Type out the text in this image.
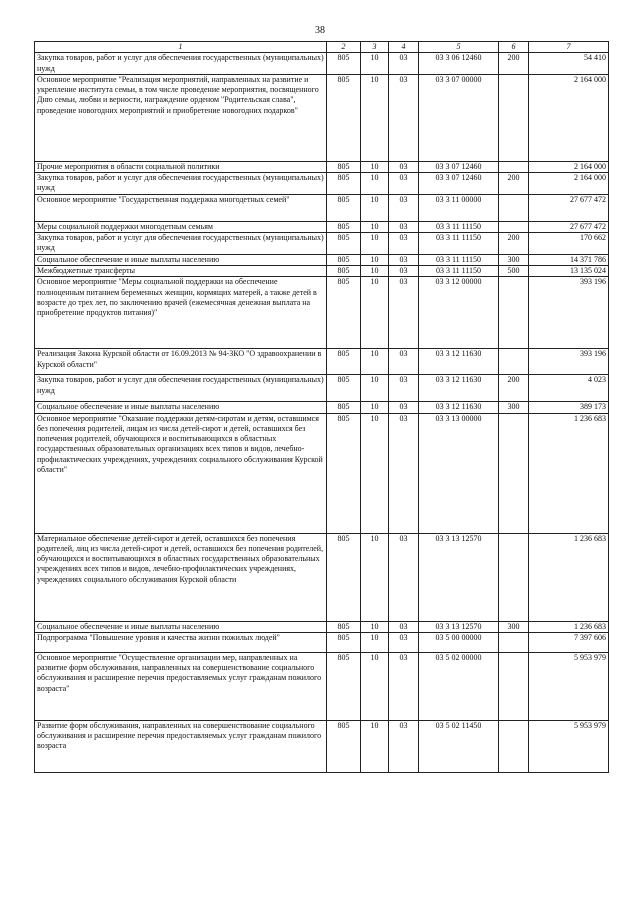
38
1	2	3	4	5	6	7
Закупка товаров, работ и услуг для обеспечения государственных (муниципальных) нужд	805	10	03	03 3 06 12460	200	54 410
Основное мероприятие "Реализация мероприятий, направленных на развитие и укрепление института семьи, в том числе проведение мероприятия, посвященного Дню семьи, любви и верности, награждение орденом "Родительская слава", проведение новогодних мероприятий и приобретение новогодних подарков"	805	10	03	03 3 07 00000		2 164 000
Прочие мероприятия в области социальной политики	805	10	03	03 3 07 12460		2 164 000
Закупка товаров, работ и услуг для обеспечения государственных (муниципальных) нужд	805	10	03	03 3 07 12460	200	2 164 000
Основное мероприятие "Государственная поддержка многодетных семей"	805	10	03	03 3 11 00000		27 677 472
Меры социальной поддержки многодетным семьям	805	10	03	03 3 11 11150		27 677 472
Закупка товаров, работ и услуг для обеспечения государственных (муниципальных) нужд	805	10	03	03 3 11 11150	200	170 662
Социальное обеспечение и иные выплаты населению	805	10	03	03 3 11 11150	300	14 371 786
Межбюджетные трансферты	805	10	03	03 3 11 11150	500	13 135 024
Основное мероприятие "Меры социальной поддержки на обеспечение полноценным питанием беременных женщин, кормящих матерей, а также детей в возрасте до трех лет, по заключению врачей (ежемесячная денежная выплата на приобретение продуктов питания)"	805	10	03	03 3 12 00000		393 196
Реализация Закона Курской области от 16.09.2013 № 94-ЗКО "О здравоохранении в Курской области"	805	10	03	03 3 12 11630		393 196
Закупка товаров, работ и услуг для обеспечения государственных (муниципальных) нужд	805	10	03	03 3 12 11630	200	4 023
Социальное обеспечение и иные выплаты населению	805	10	03	03 3 12 11630	300	389 173
Основное мероприятие "Оказание поддержки детям-сиротам и детям, оставшимся без попечения родителей, лицам из числа детей-сирот и детей, оставшихся без попечения родителей, обучающихся и воспитывающихся в областных государственных образовательных организациях всех типов и видов, лечебно-профилактических учреждениях, учреждениях социального обслуживания Курской области"	805	10	03	03 3 13 00000		1 236 683
Материальное обеспечение детей-сирот и детей, оставшихся без попечения родителей, лиц из числа детей-сирот и детей, оставшихся без попечения родителей, обучающихся и воспитывающихся в областных государственных образовательных учреждениях всех типов и видов, лечебно-профилактических учреждениях, учреждениях социального обслуживания Курской области	805	10	03	03 3 13 12570		1 236 683
Социальное обеспечение и иные выплаты населению	805	10	03	03 3 13 12570	300	1 236 683
Подпрограмма "Повышение уровня и качества жизни пожилых людей"	805	10	03	03 5 00 00000		7 397 606
Основное мероприятие "Осуществление организации мер, направленных на развитие форм обслуживания, направленных на совершенствование социального обслуживания и расширение перечня предоставляемых услуг гражданам пожилого возраста"	805	10	03	03 5 02 00000		5 953 979
Развитие форм обслуживания, направленных на совершенствование социального обслуживания и расширение перечня предоставляемых услуг гражданам пожилого возраста	805	10	03	03 5 02 11450		5 953 979
